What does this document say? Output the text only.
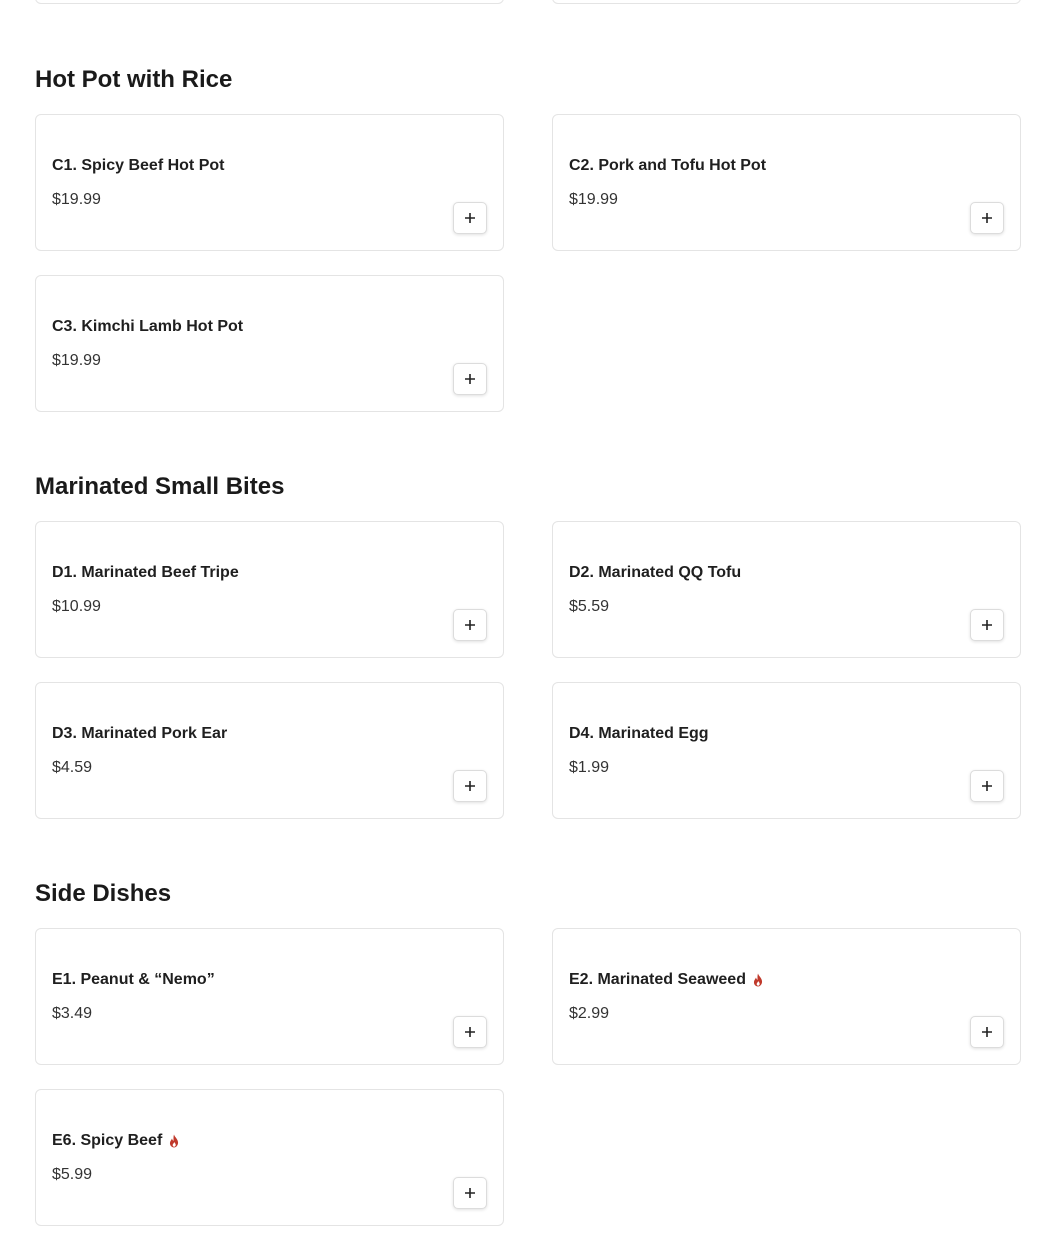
Hot Pot with Rice
C1. Spicy Beef Hot Pot
$19.99
C2. Pork and Tofu Hot Pot
$19.99
C3. Kimchi Lamb Hot Pot
$19.99
Marinated Small Bites
D1. Marinated Beef Tripe
$10.99
D2. Marinated QQ Tofu
$5.59
D3. Marinated Pork Ear
$4.59
D4. Marinated Egg
$1.99
Side Dishes
E1. Peanut & “Nemo”
$3.49
E2. Marinated Seaweed
$2.99
E6. Spicy Beef
$5.99
